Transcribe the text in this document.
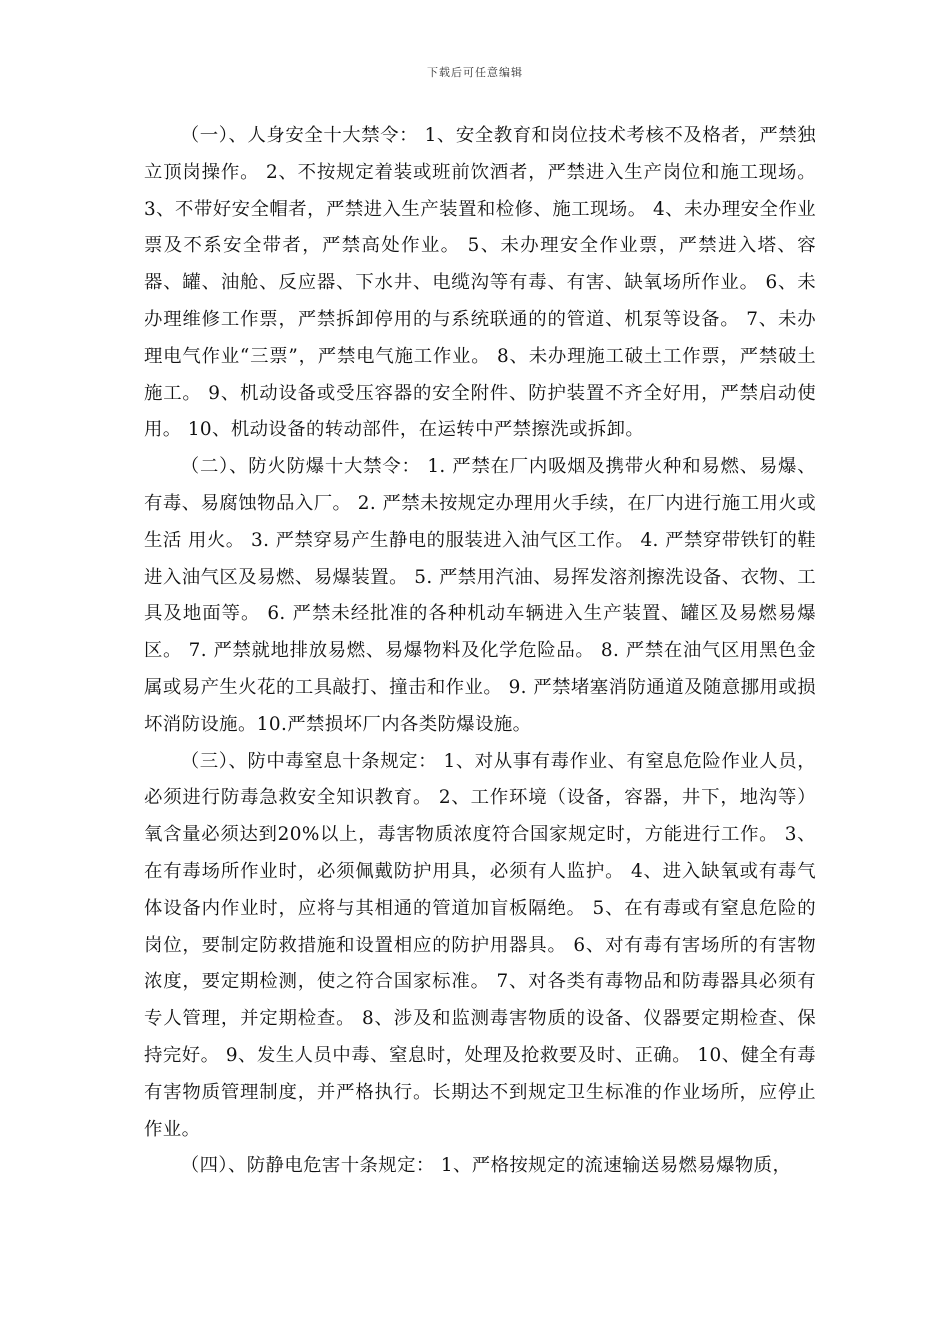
下载后可任意编辑

（一）、人身安全十大禁令： 1、安全教育和岗位技术考核不及格者，严禁独立顶岗操作。 2、不按规定着装或班前饮酒者，严禁进入生产岗位和施工现场。 3、不带好安全帽者，严禁进入生产装置和检修、施工现场。 4、未办理安全作业票及不系安全带者，严禁高处作业。 5、未办理安全作业票，严禁进入塔、容器、罐、油舱、反应器、下水井、电缆沟等有毒、有害、缺氧场所作业。 6、未办理维修工作票，严禁拆卸停用的与系统联通的的管道、机泵等设备。 7、未办理电气作业“三票”，严禁电气施工作业。 8、未办理施工破土工作票，严禁破土施工。 9、机动设备或受压容器的安全附件、防护装置不齐全好用，严禁启动使用。 10、机动设备的转动部件，在运转中严禁擦洗或拆卸。

（二）、防火防爆十大禁令： 1. 严禁在厂内吸烟及携带火种和易燃、易爆、有毒、易腐蚀物品入厂。 2. 严禁未按规定办理用火手续，在厂内进行施工用火或生活 用火。 3. 严禁穿易产生静电的服装进入油气区工作。 4. 严禁穿带铁钉的鞋进入油气区及易燃、易爆装置。 5. 严禁用汽油、易挥发溶剂擦洗设备、衣物、工具及地面等。 6. 严禁未经批准的各种机动车辆进入生产装置、罐区及易燃易爆区。 7. 严禁就地排放易燃、易爆物料及化学危险品。 8. 严禁在油气区用黑色金属或易产生火花的工具敲打、撞击和作业。 9. 严禁堵塞消防通道及随意挪用或损坏消防设施。10.严禁损坏厂内各类防爆设施。

（三）、防中毒窒息十条规定： 1、对从事有毒作业、有窒息危险作业人员，必须进行防毒急救安全知识教育。 2、工作环境（设备，容器，井下，地沟等）氧含量必须达到20%以上，毒害物质浓度符合国家规定时，方能进行工作。 3、在有毒场所作业时，必须佩戴防护用具，必须有人监护。 4、进入缺氧或有毒气体设备内作业时，应将与其相通的管道加盲板隔绝。 5、在有毒或有窒息危险的岗位，要制定防救措施和设置相应的防护用器具。 6、对有毒有害场所的有害物浓度，要定期检测，使之符合国家标准。 7、对各类有毒物品和防毒器具必须有专人管理，并定期检查。 8、涉及和监测毒害物质的设备、仪器要定期检查、保持完好。 9、发生人员中毒、窒息时，处理及抢救要及时、正确。 10、健全有毒有害物质管理制度，并严格执行。长期达不到规定卫生标准的作业场所，应停止作业。

（四）、防静电危害十条规定： 1、严格按规定的流速输送易燃易爆物质，
